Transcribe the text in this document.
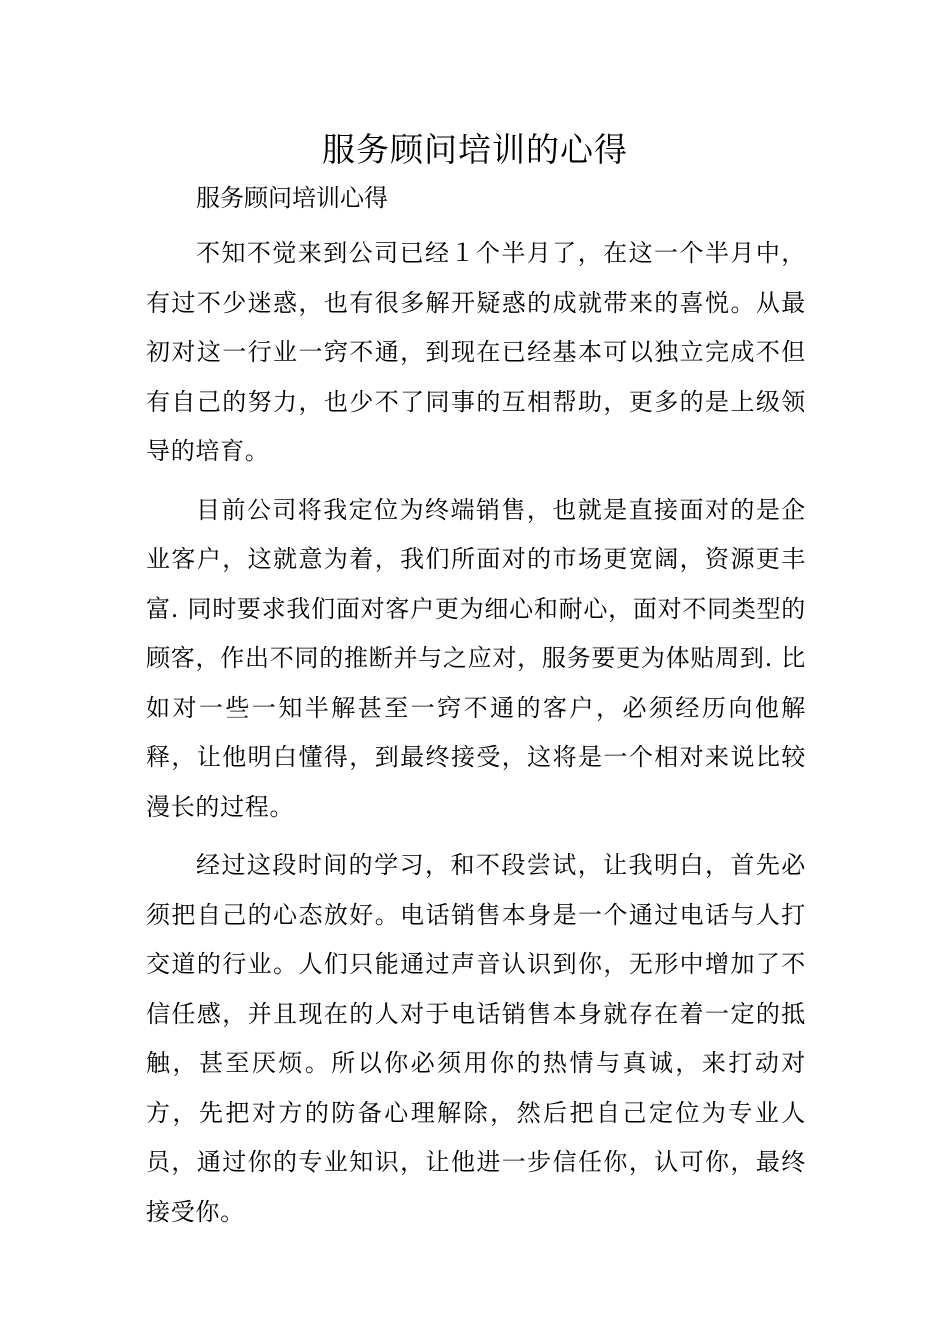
服务顾问培训的心得

服务顾问培训心得

不知不觉来到公司已经１个半月了，在这一个半月中，有过不少迷惑，也有很多解开疑惑的成就带来的喜悦。从最初对这一行业一窍不通，到现在已经基本可以独立完成不但有自己的努力，也少不了同事的互相帮助，更多的是上级领导的培育。

目前公司将我定位为终端销售，也就是直接面对的是企业客户，这就意为着，我们所面对的市场更宽阔，资源更丰富. 同时要求我们面对客户更为细心和耐心，面对不同类型的顾客，作出不同的推断并与之应对，服务要更为体贴周到. 比如对一些一知半解甚至一窍不通的客户，必须经历向他解释，让他明白懂得，到最终接受，这将是一个相对来说比较漫长的过程。

经过这段时间的学习，和不段尝试，让我明白，首先必须把自己的心态放好。电话销售本身是一个通过电话与人打交道的行业。人们只能通过声音认识到你，无形中增加了不信任感，并且现在的人对于电话销售本身就存在着一定的抵触，甚至厌烦。所以你必须用你的热情与真诚，来打动对方，先把对方的防备心理解除，然后把自己定位为专业人员，通过你的专业知识，让他进一步信任你，认可你，最终接受你。
